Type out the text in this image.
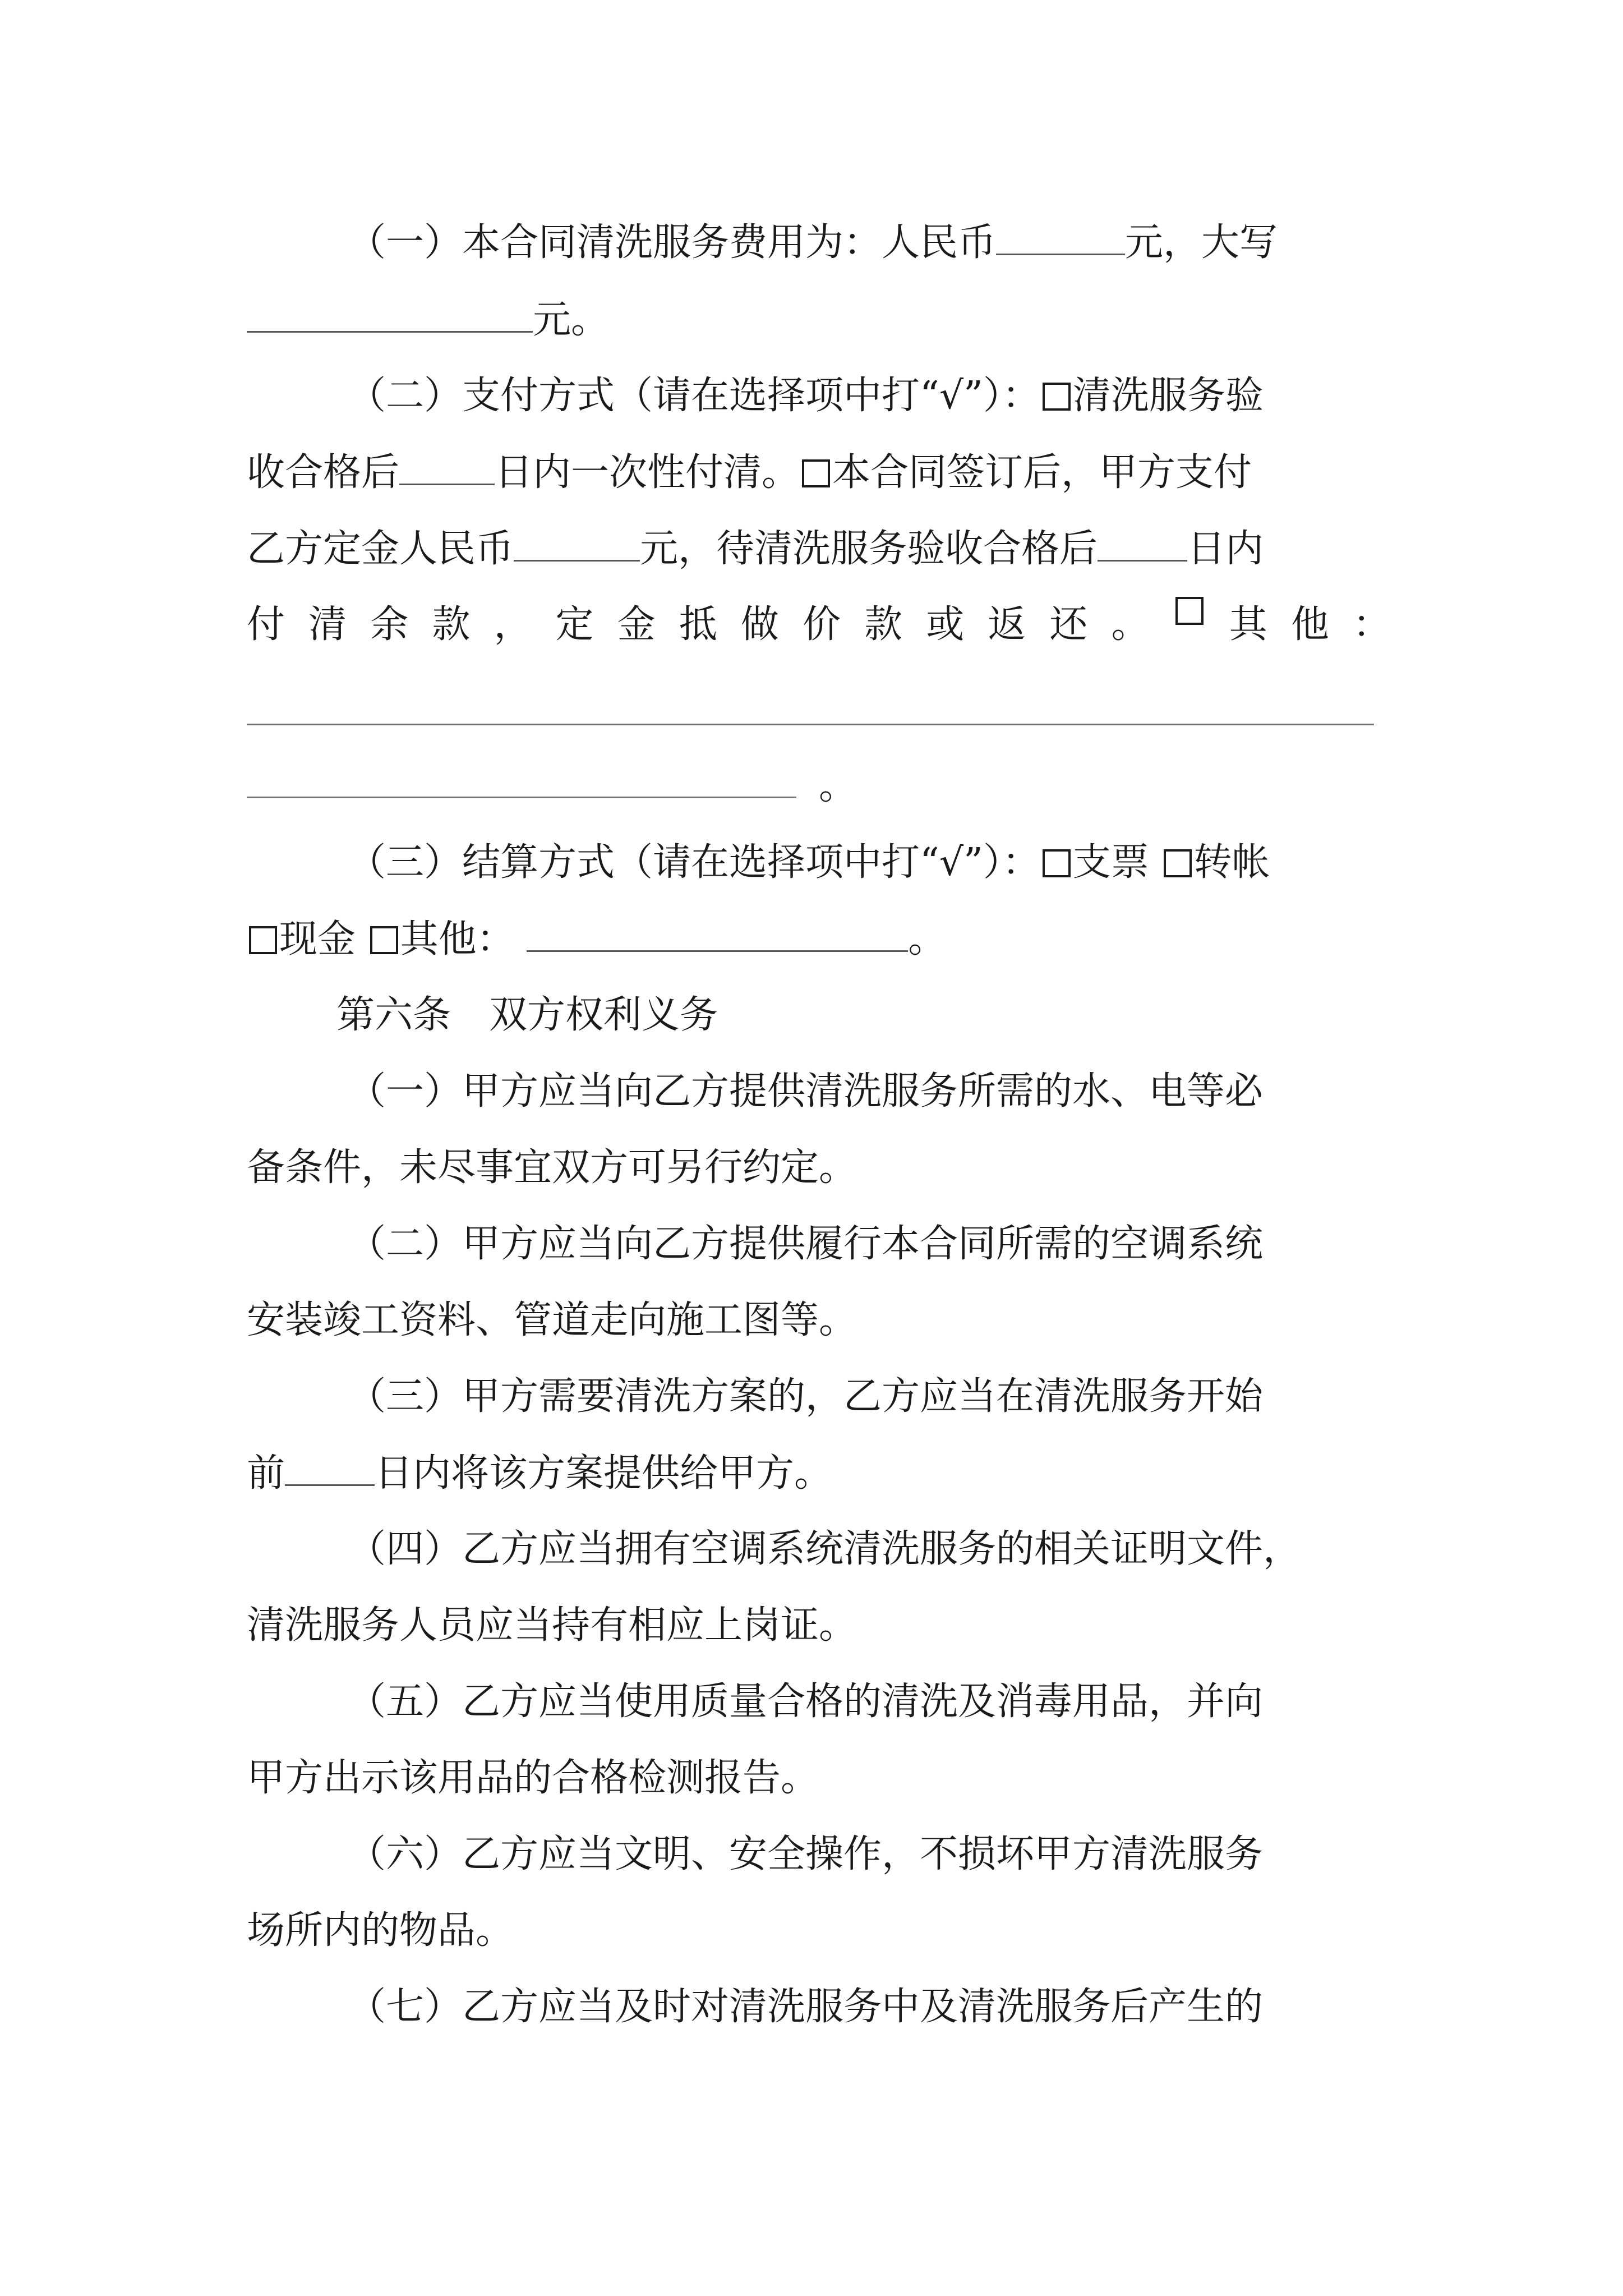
（一）本合同清洗服务费用为：人民币	元，大写
元。
（二）支付方式（请在选择项中打“√”）： 清洗服务验
收合格后	日内一次性付清。 本合同签订后，甲方支付
乙方定金人民币	元，待清洗服务验收合格后 日内
付 清 余 款 ， 定 金 抵 做 价 款 或 返 还 。 其 他 ：
。
（三）结算方式（请在选择项中打“√”）： 支票 转帐
现金 其他：	。
第六条　双方权利义务
（一）甲方应当向乙方提供清洗服务所需的水、电等必
备条件，未尽事宜双方可另行约定。
（二）甲方应当向乙方提供履行本合同所需的空调系统
安装竣工资料、管道走向施工图等。
（三）甲方需要清洗方案的，乙方应当在清洗服务开始
前 日内将该方案提供给甲方。
（四）乙方应当拥有空调系统清洗服务的相关证明文件，
清洗服务人员应当持有相应上岗证。
（五）乙方应当使用质量合格的清洗及消毒用品，并向
甲方出示该用品的合格检测报告。
（六）乙方应当文明、安全操作，不损坏甲方清洗服务
场所内的物品。
（七）乙方应当及时对清洗服务中及清洗服务后产生的
